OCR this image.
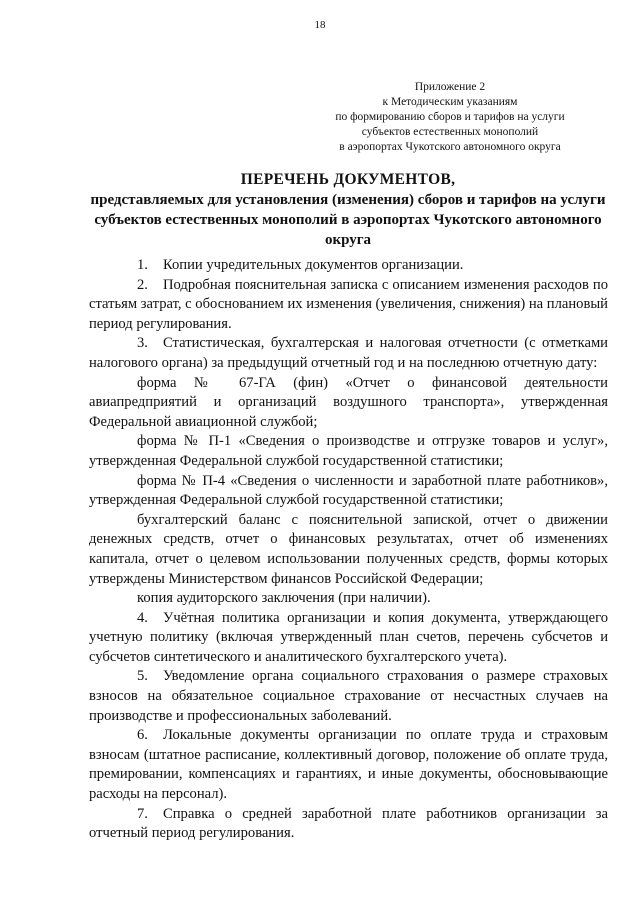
18
Приложение 2
к Методическим указаниям
по формированию сборов и тарифов на услуги
субъектов естественных монополий
в аэропортах Чукотского автономного округа
ПЕРЕЧЕНЬ ДОКУМЕНТОВ,
представляемых для установления (изменения) сборов и тарифов на услуги субъектов естественных монополий в аэропортах Чукотского автономного округа

1. Копии учредительных документов организации.

2. Подробная пояснительная записка с описанием изменения расходов по статьям затрат, с обоснованием их изменения (увеличения, снижения) на плановый период регулирования.

3. Статистическая, бухгалтерская и налоговая отчетности (с отметками налогового органа) за предыдущий отчетный год и на последнюю отчетную дату:

форма № 67-ГА (фин) «Отчет о финансовой деятельности авиапредприятий и организаций воздушного транспорта», утвержденная Федеральной авиационной службой;

форма № П-1 «Сведения о производстве и отгрузке товаров и услуг», утвержденная Федеральной службой государственной статистики;

форма № П-4 «Сведения о численности и заработной плате работников», утвержденная Федеральной службой государственной статистики;

бухгалтерский баланс с пояснительной запиской, отчет о движении денежных средств, отчет о финансовых результатах, отчет об изменениях капитала, отчет о целевом использовании полученных средств, формы которых утверждены Министерством финансов Российской Федерации;

копия аудиторского заключения (при наличии).

4. Учётная политика организации и копия документа, утверждающего учетную политику (включая утвержденный план счетов, перечень субсчетов и субсчетов синтетического и аналитического бухгалтерского учета).

5. Уведомление органа социального страхования о размере страховых взносов на обязательное социальное страхование от несчастных случаев на производстве и профессиональных заболеваний.

6. Локальные документы организации по оплате труда и страховым взносам (штатное расписание, коллективный договор, положение об оплате труда, премировании, компенсациях и гарантиях, и иные документы, обосновывающие расходы на персонал).

7. Справка о средней заработной плате работников организации за отчетный период регулирования.
